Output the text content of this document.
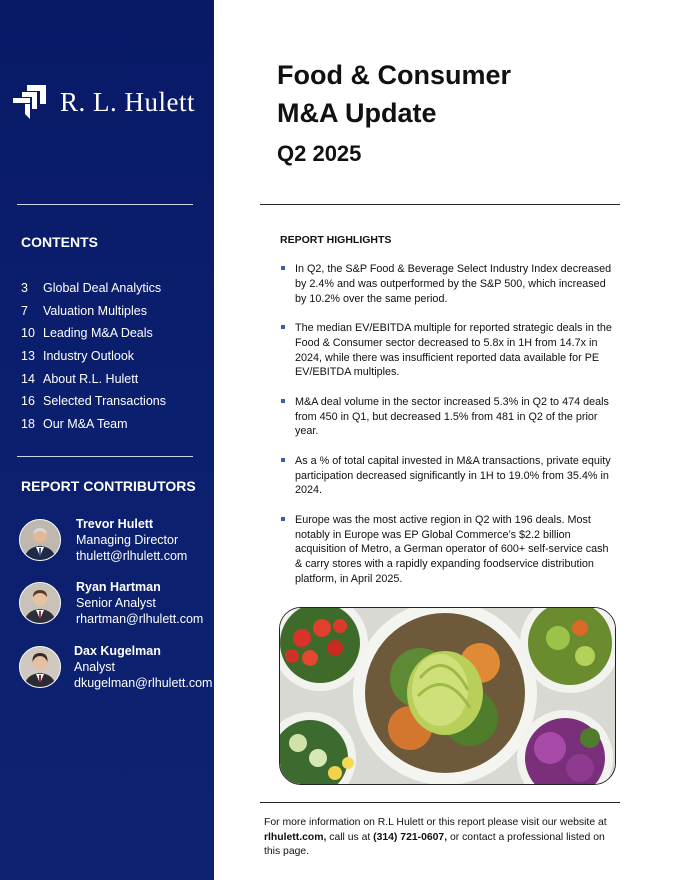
R. L. Hulett
CONTENTS
3 Global Deal Analytics
7 Valuation Multiples
10 Leading M&A Deals
13 Industry Outlook
14 About R.L. Hulett
16 Selected Transactions
18 Our M&A Team
REPORT CONTRIBUTORS
Trevor Hulett
Managing Director
thulett@rlhulett.com
Ryan Hartman
Senior Analyst
rhartman@rlhulett.com
Dax Kugelman
Analyst
dkugelman@rlhulett.com
Food & Consumer
M&A Update
Q2 2025
REPORT HIGHLIGHTS
In Q2, the S&P Food & Beverage Select Industry Index decreased by 2.4% and was outperformed by the S&P 500, which increased by 10.2% over the same period.
The median EV/EBITDA multiple for reported strategic deals in the Food & Consumer sector decreased to 5.8x in 1H from 14.7x in 2024, while there was insufficient reported data available for PE EV/EBITDA multiples.
M&A deal volume in the sector increased 5.3% in Q2 to 474 deals from 450 in Q1, but decreased 1.5% from 481 in Q2 of the prior year.
As a % of total capital invested in M&A transactions, private equity participation decreased significantly in 1H to 19.0% from 35.4% in 2024.
Europe was the most active region in Q2 with 196 deals. Most notably in Europe was EP Global Commerce’s $2.2 billion acquisition of Metro, a German operator of 600+ self-service cash & carry stores with a rapidly expanding foodservice distribution platform, in April 2025.
For more information on R.L Hulett or this report please visit our website at rlhulett.com, call us at (314) 721-0607, or contact a professional listed on this page.
